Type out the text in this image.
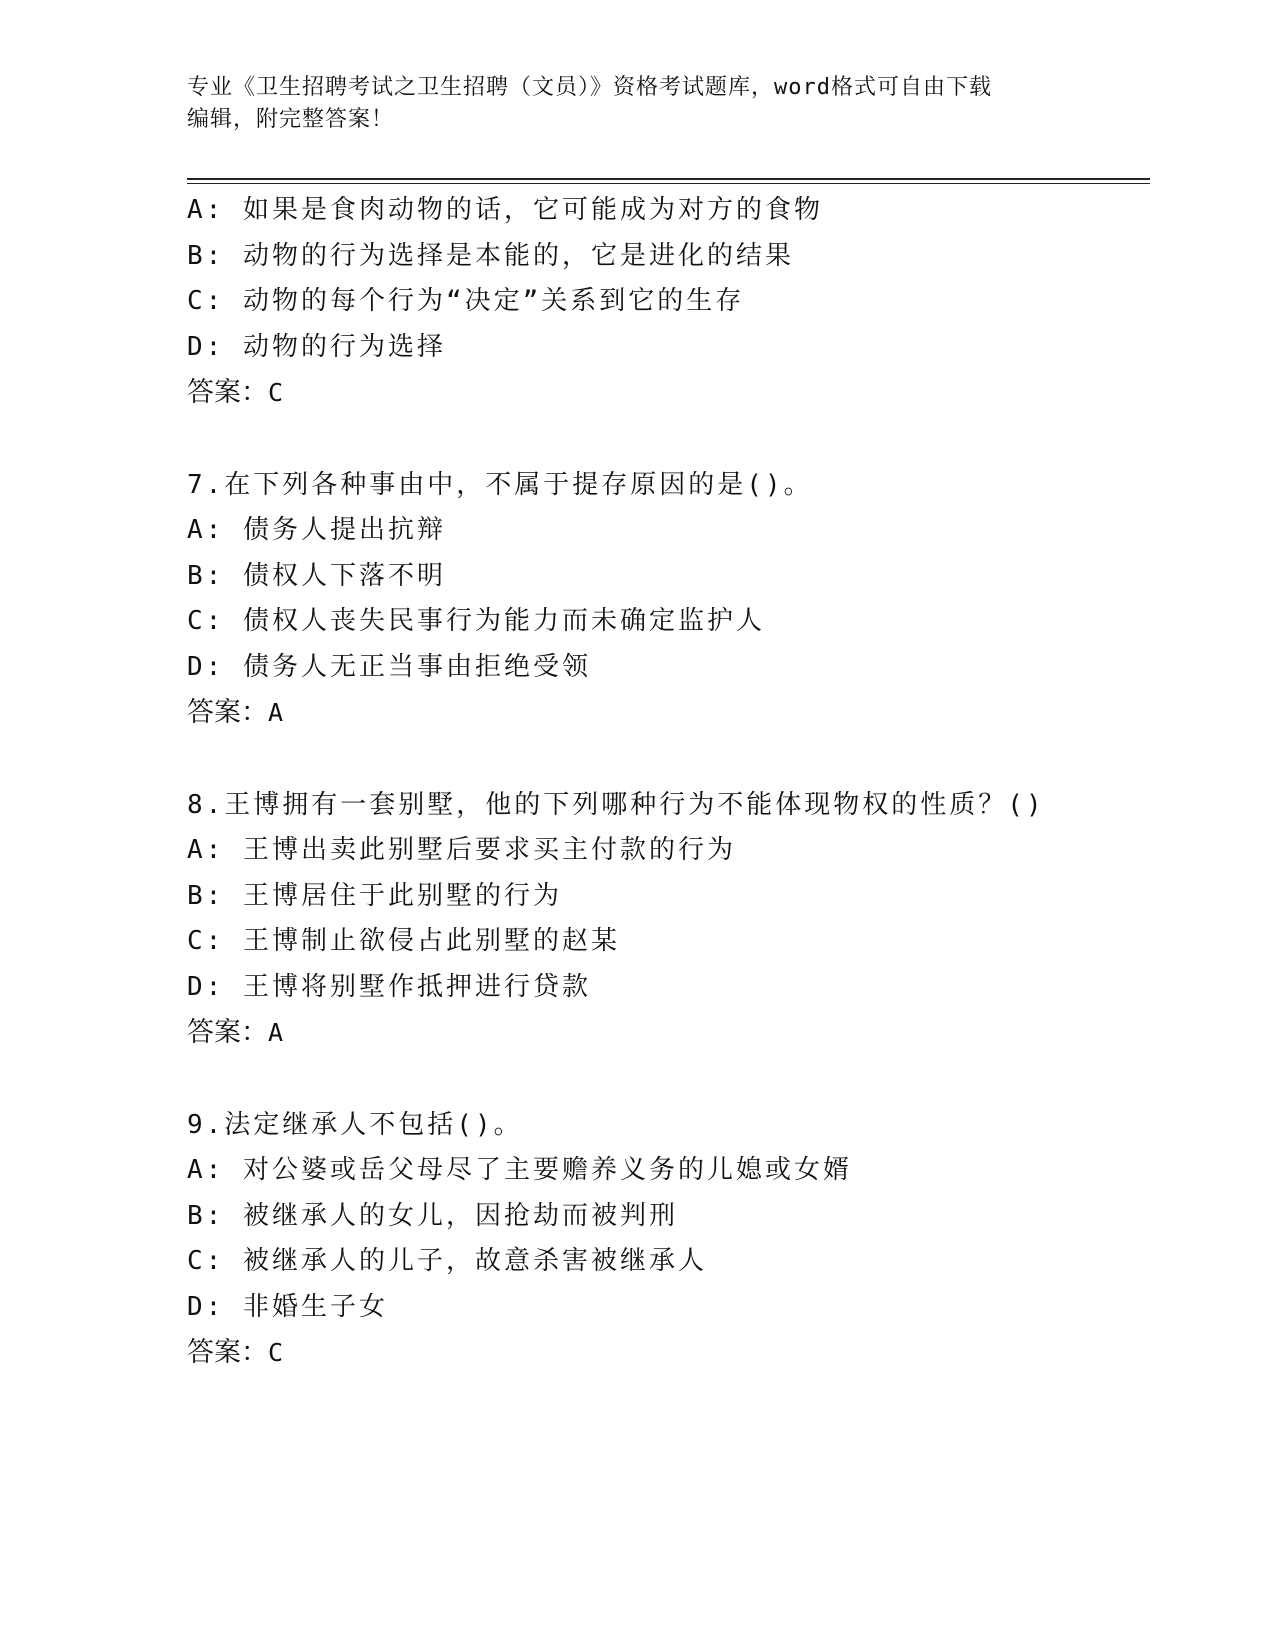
专业《卫生招聘考试之卫生招聘（文员）》资格考试题库，word格式可自由下载
编辑，附完整答案！
A: 如果是食肉动物的话，它可能成为对方的食物
B: 动物的行为选择是本能的，它是进化的结果
C: 动物的每个行为“决定”关系到它的生存
D: 动物的行为选择
答案：C
7.在下列各种事由中，不属于提存原因的是()。
A: 债务人提出抗辩
B: 债权人下落不明
C: 债权人丧失民事行为能力而未确定监护人
D: 债务人无正当事由拒绝受领
答案：A
8.王博拥有一套别墅，他的下列哪种行为不能体现物权的性质？()
A: 王博出卖此别墅后要求买主付款的行为
B: 王博居住于此别墅的行为
C: 王博制止欲侵占此别墅的赵某
D: 王博将别墅作抵押进行贷款
答案：A
9.法定继承人不包括()。
A: 对公婆或岳父母尽了主要赡养义务的儿媳或女婿
B: 被继承人的女儿，因抢劫而被判刑
C: 被继承人的儿子，故意杀害被继承人
D: 非婚生子女
答案：C
